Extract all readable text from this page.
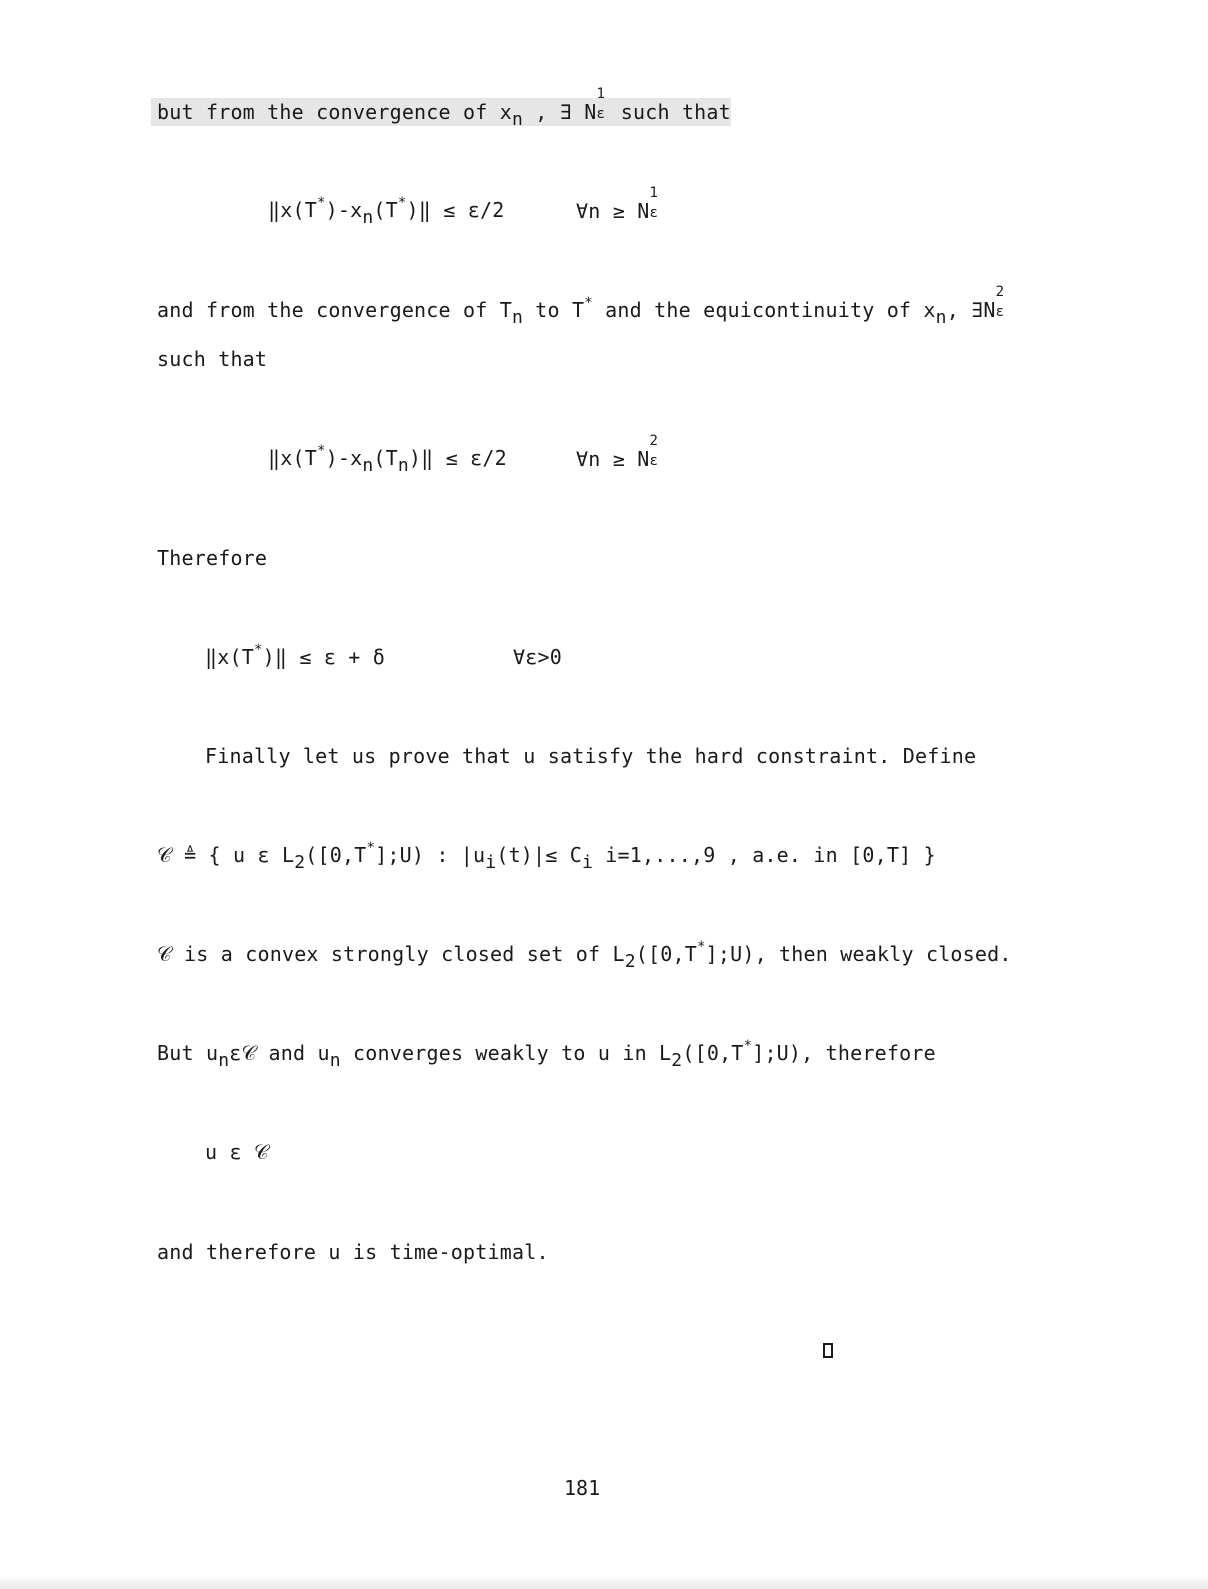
but from the convergence of $x_n$ , ∃ N
1
ε such that
$‖x(T^*)-x_n(T^*)‖ \le \varepsilon/2$	∀n ≥ N
1
ε
and from the convergence of $T_n$ to T* and the equicontinuity of $x_n$, ∃N
2
ε
such that
$‖x(T^*)-x_n(T_n)‖ \le \varepsilon/2$	∀n ≥ N
2
ε
Therefore
‖x(T*)‖ ≤ ε + δ	∀ε>0
Finally let us prove that u satisfy the hard constraint. Define
𝒞 ≜ { u ε $L_2([0,T^*];U)$ : $|u_i(t)|\le C_i$ i=1,...,9 , a.e. in [0,T] }
𝒞 is a convex strongly closed set of $L_2([0,T^*];U)$, then weakly closed.
But $u_n\varepsilon 𝒞$ and $u_n$ converges weakly to u in $L_2([0,T^*];U)$, therefore
u ε 𝒞
and therefore u is time-optimal.
181
